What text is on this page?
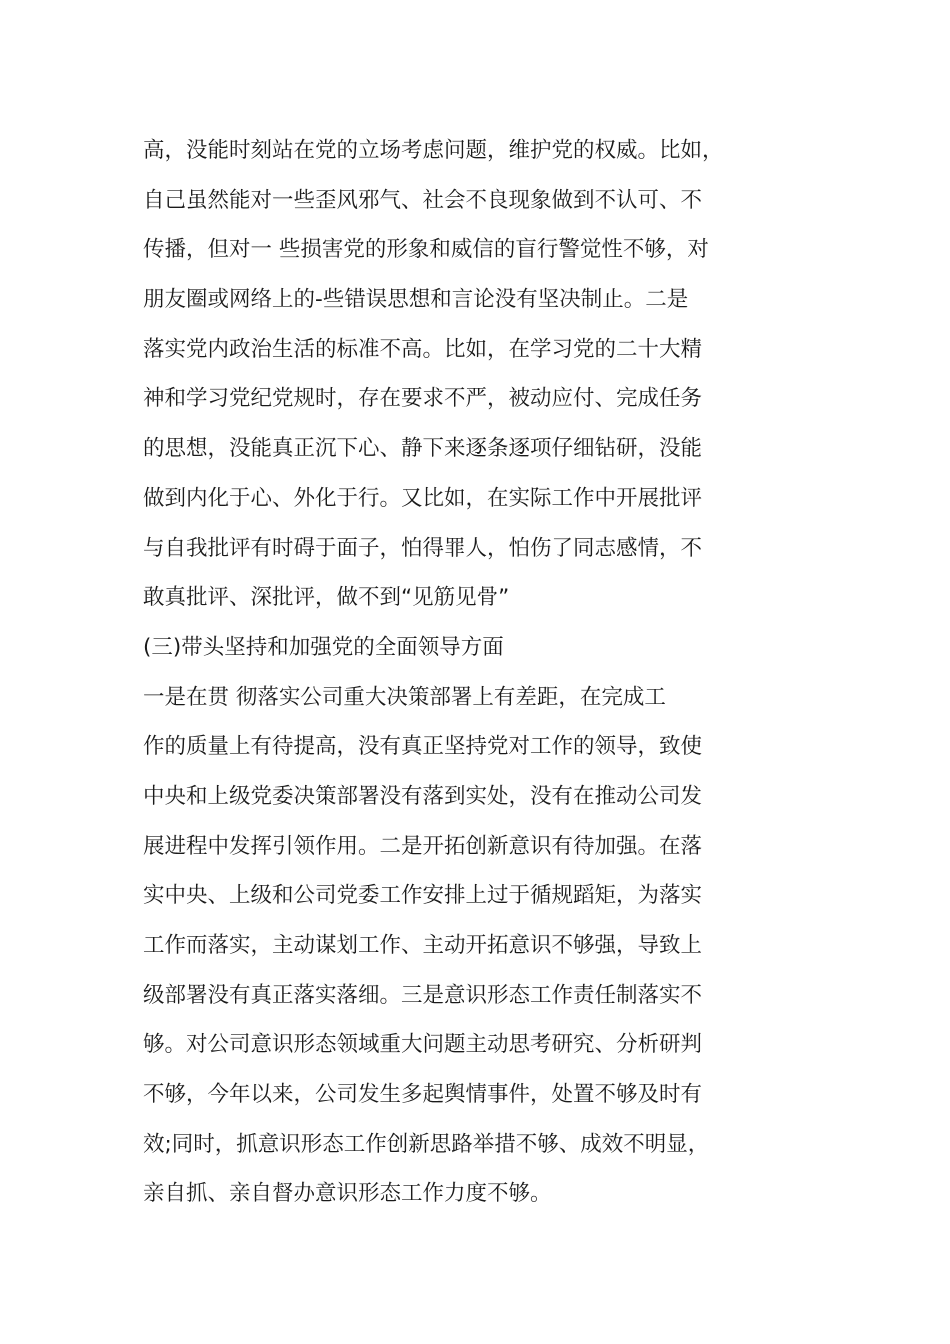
高，没能时刻站在党的立场考虑问题，维护党的权威。比如，
自己虽然能对一些歪风邪气、社会不良现象做到不认可、不
传播，但对一 些损害党的形象和威信的盲行警觉性不够，对
朋友圈或网络上的-些错误思想和言论没有坚决制止。二是
落实党内政治生活的标准不高。比如，在学习党的二十大精
神和学习党纪党规时，存在要求不严，被动应付、完成任务
的思想，没能真正沉下心、静下来逐条逐项仔细钻研，没能
做到内化于心、外化于行。又比如，在实际工作中开展批评
与自我批评有时碍于面子，怕得罪人，怕伤了同志感情，不
敢真批评、深批评，做不到“见筋见骨”
(三)带头坚持和加强党的全面领导方面
一是在贯 彻落实公司重大决策部署上有差距，在完成工
作的质量上有待提高，没有真正坚持党对工作的领导，致使
中央和上级党委决策部署没有落到实处，没有在推动公司发
展进程中发挥引领作用。二是开拓创新意识有待加强。在落
实中央、上级和公司党委工作安排上过于循规蹈矩，为落实
工作而落实，主动谋划工作、主动开拓意识不够强，导致上
级部署没有真正落实落细。三是意识形态工作责任制落实不
够。对公司意识形态领域重大问题主动思考研究、分析研判
不够，今年以来，公司发生多起舆情事件，处置不够及时有
效;同时，抓意识形态工作创新思路举措不够、成效不明显，
亲自抓、亲自督办意识形态工作力度不够。
